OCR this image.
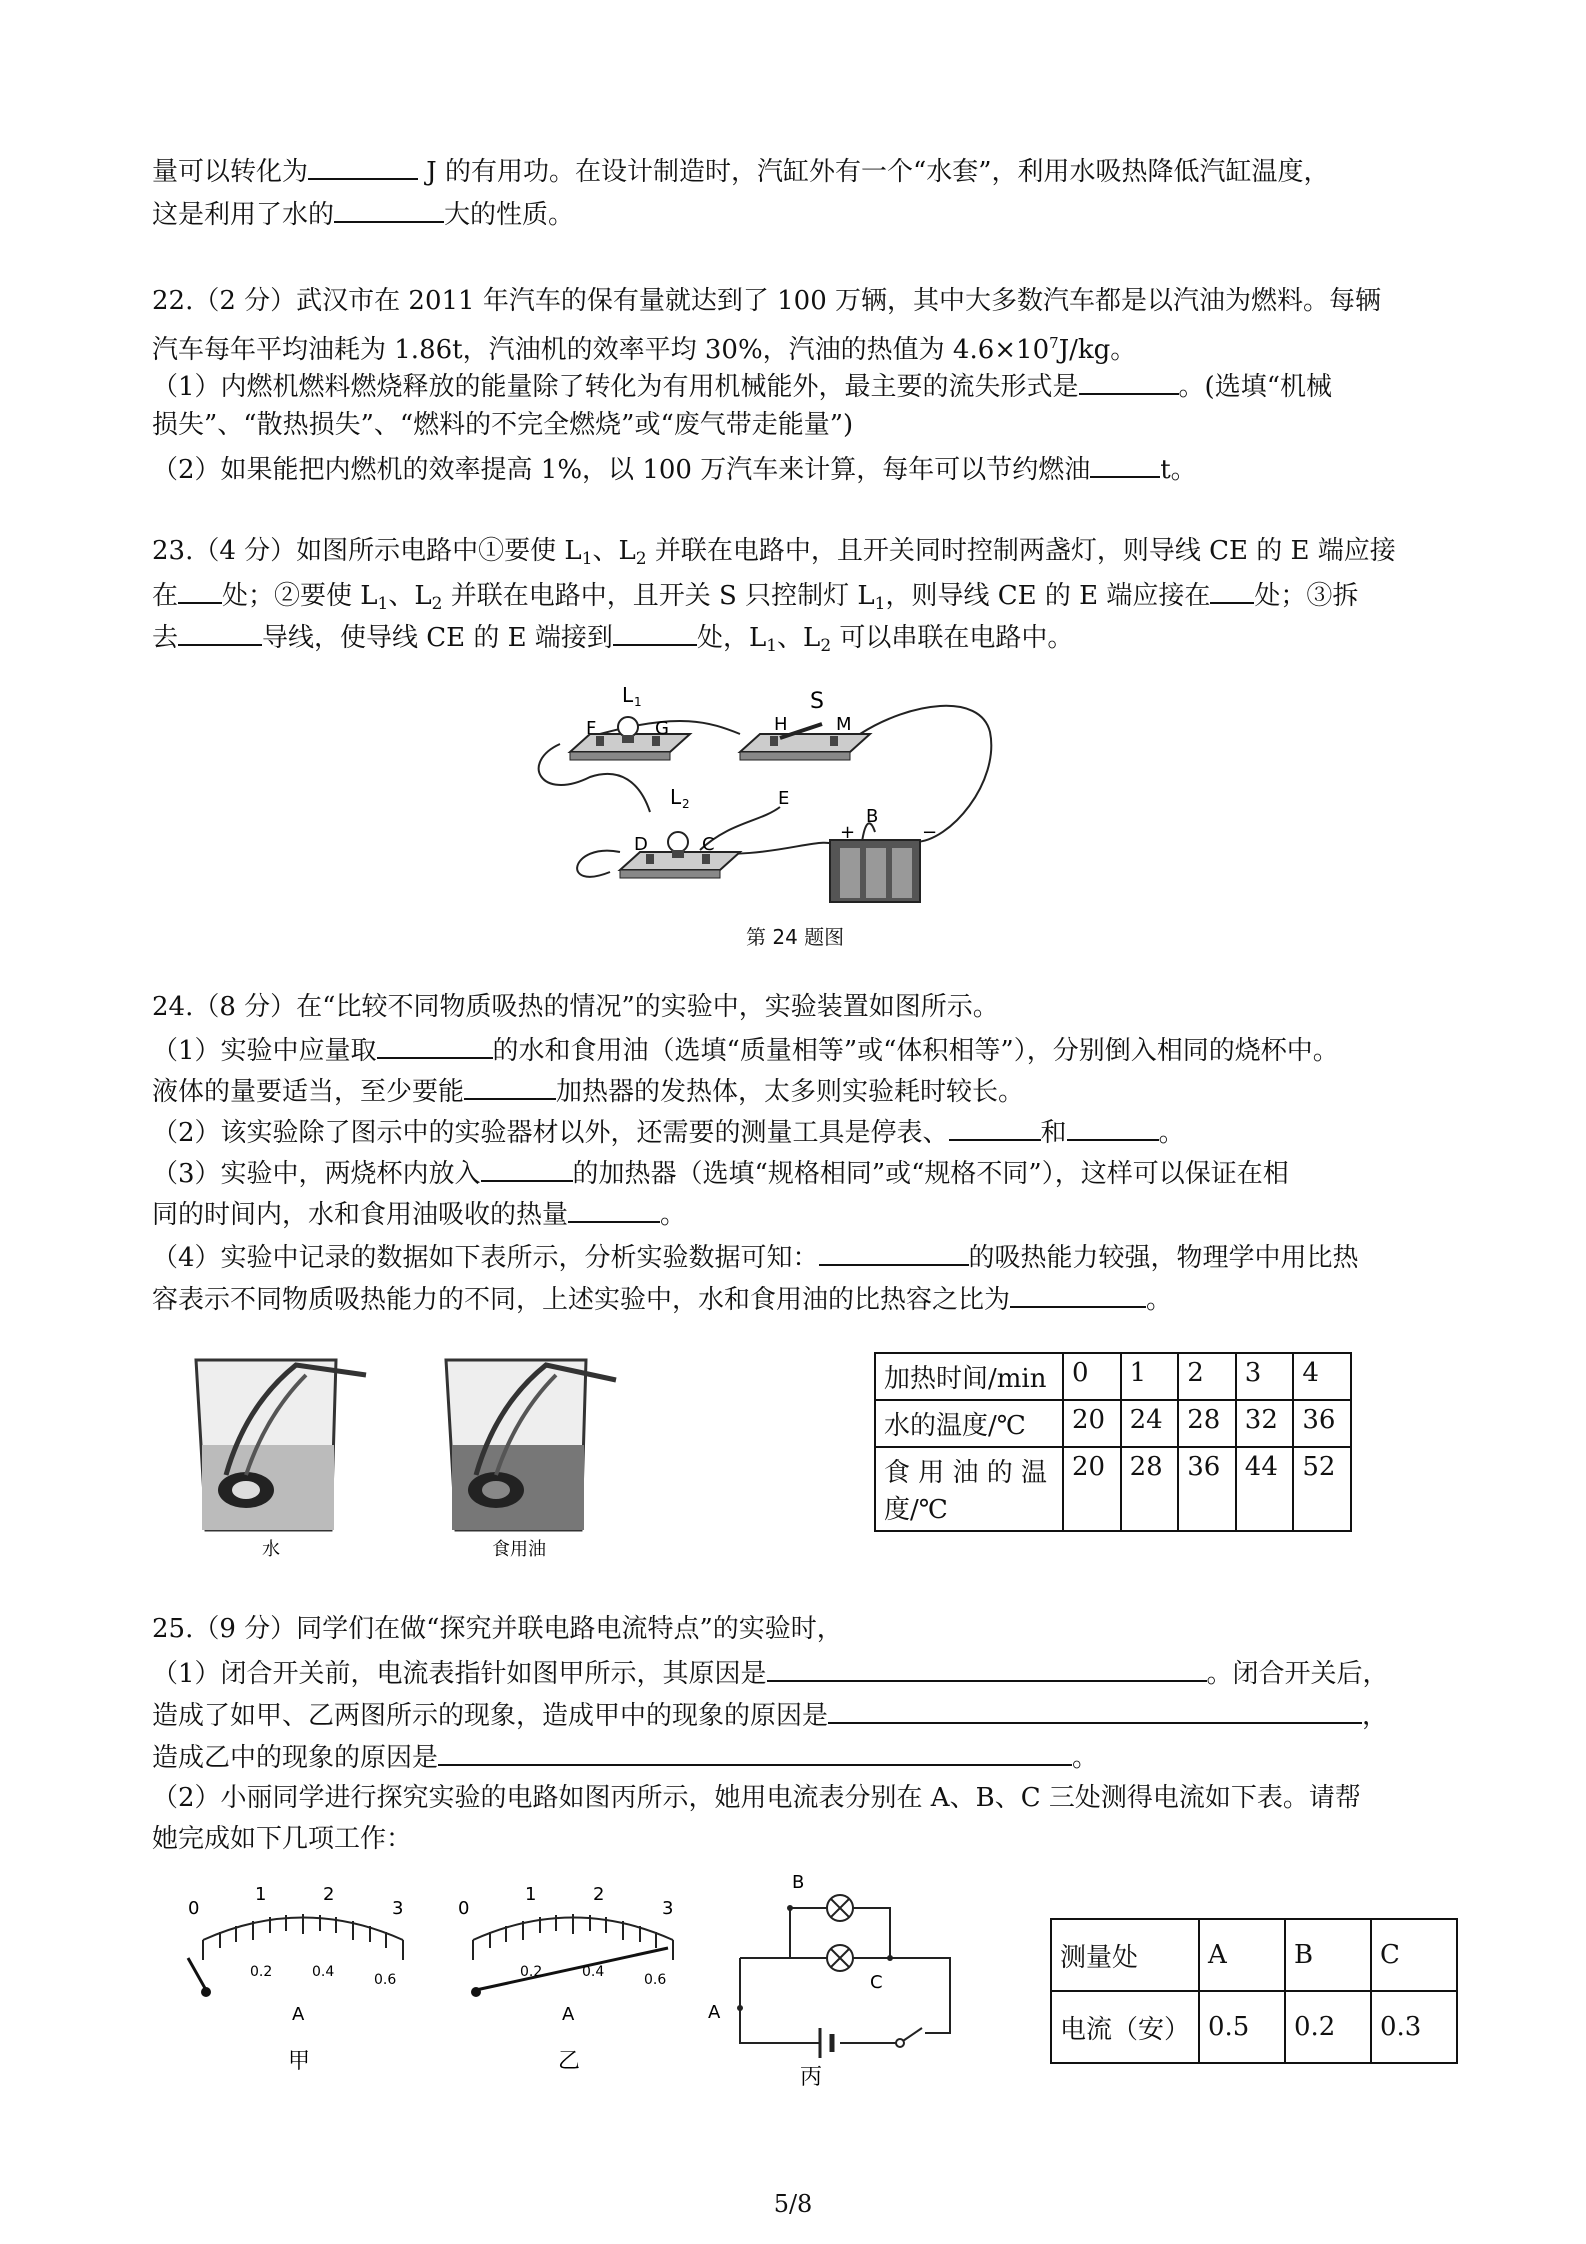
量可以转化为	J 的有用功。在设计制造时，汽缸外有一个“水套”，利用水吸热降低汽缸温度，
这是利用了水的	大的性质。
22.（2 分）武汉市在 2011 年汽车的保有量就达到了 100 万辆，其中大多数汽车都是以汽油为燃料。每辆
汽车每年平均油耗为 1.86t，汽油机的效率平均 30%，汽油的热值为 $4.6\times 10^7J/kg$。
（1）内燃机燃料燃烧释放的能量除了转化为有用机械能外，最主要的流失形式是	。(选填“机械
损失”、“散热损失”、“燃料的不完全燃烧”或“废气带走能量”)
（2）如果能把内燃机的效率提高 1%，以 100 万汽车来计算，每年可以节约燃油	t。
23.（4 分）如图所示电路中①要使 $L_1$、$L_2$ 并联在电路中，且开关同时控制两盏灯，则导线 CE 的 E 端应接
在 处；②要使 $L_1$、$L_2$ 并联在电路中，且开关 S 只控制灯 $L_1$，则导线 CE 的 E 端应接在 处；③拆
去	导线，使导线 CE 的 E 端接到	处，$L_1$、$L_2$ 可以串联在电路中。
L 1
F	G
S
H	M
L 2
D	C
E
B
+	−
第 24 题图
24.（8 分）在“比较不同物质吸热的情况”的实验中，实验装置如图所示。
（1）实验中应量取	的水和食用油（选填“质量相等”或“体积相等”），分别倒入相同的烧杯中。
液体的量要适当，至少要能	加热器的发热体，太多则实验耗时较长。
（2）该实验除了图示中的实验器材以外，还需要的测量工具是停表、	和	。
（3）实验中，两烧杯内放入	的加热器（选填“规格相同”或“规格不同”），这样可以保证在相
同的时间内，水和食用油吸收的热量	。
（4）实验中记录的数据如下表所示，分析实验数据可知：	的吸热能力较强，物理学中用比热
容表示不同物质吸热能力的不同，上述实验中，水和食用油的比热容之比为	。
水	食用油
加热时间/min	0	1	2	3	4
水的温度/℃	20	24	28	32	36
食 用 油 的 温
度/℃	20	28	36	44	52
25.（9 分）同学们在做“探究并联电路电流特点”的实验时，
（1）闭合开关前，电流表指针如图甲所示，其原因是	。闭合开关后，
造成了如甲、乙两图所示的现象，造成甲中的现象的原因是	，
造成乙中的现象的原因是	。
（2）小丽同学进行探究实验的电路如图丙所示，她用电流表分别在 A、B、C 三处测得电流如下表。请帮
她完成如下几项工作：
0
1	2
3
0.2	0.4	0.6
A
甲
0
1	2
3
0.2	0.4	0.6
A
乙
B
C
A
丙
测量处	A	B	C
电流（安）	0.5	0.2	0.3
5/8
